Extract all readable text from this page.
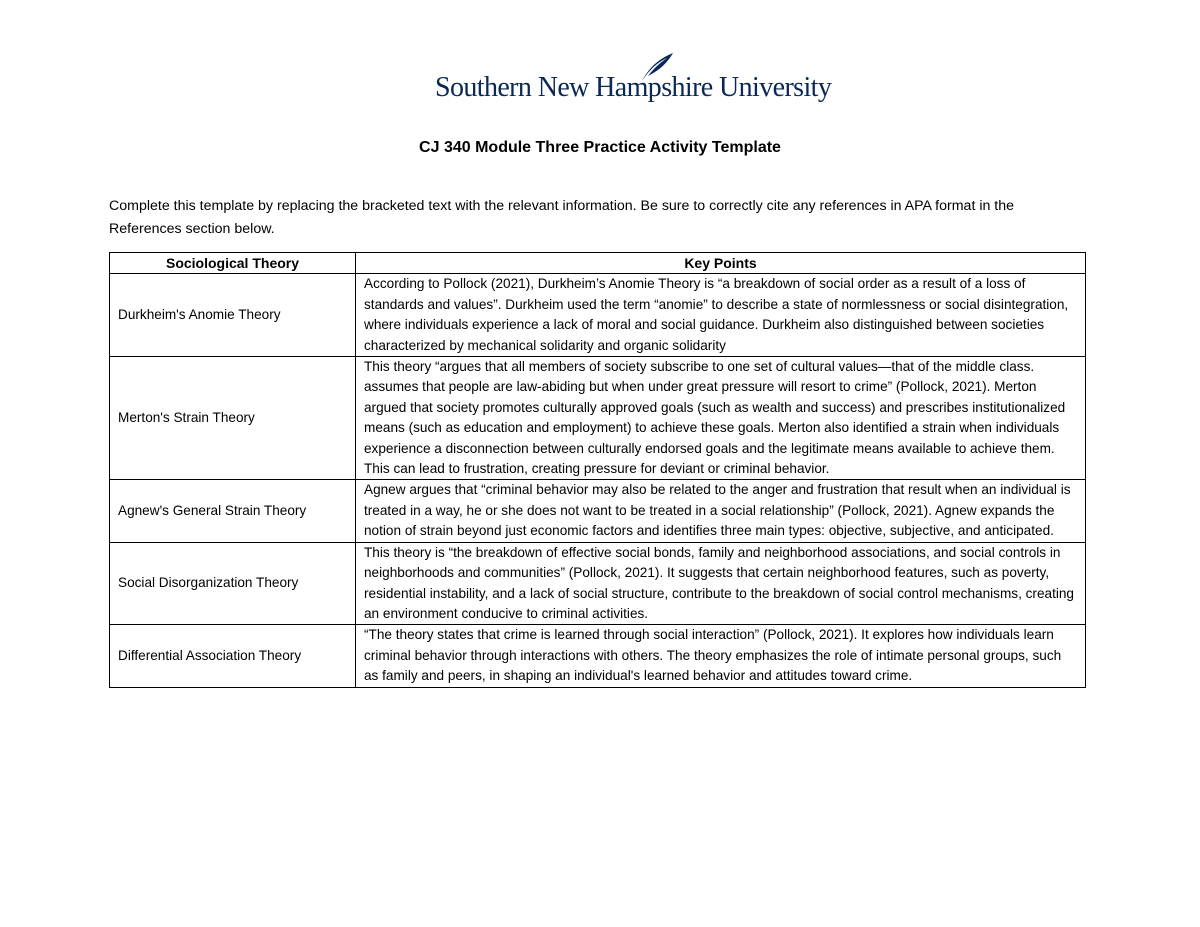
Southern New Hampshire University
CJ 340 Module Three Practice Activity Template
Complete this template by replacing the bracketed text with the relevant information. Be sure to correctly cite any references in APA format in the References section below.
Sociological Theory	Key Points
Durkheim's Anomie Theory	According to Pollock (2021), Durkheim’s Anomie Theory is “a breakdown of social order as a result of a loss of standards and values”. Durkheim used the term “anomie” to describe a state of normlessness or social disintegration, where individuals experience a lack of moral and social guidance. Durkheim also distinguished between societies characterized by mechanical solidarity and organic solidarity
Merton's Strain Theory	This theory “argues that all members of society subscribe to one set of cultural values—that of the middle class. assumes that people are law-abiding but when under great pressure will resort to crime” (Pollock, 2021). Merton argued that society promotes culturally approved goals (such as wealth and success) and prescribes institutionalized means (such as education and employment) to achieve these goals. Merton also identified a strain when individuals experience a disconnection between culturally endorsed goals and the legitimate means available to achieve them. This can lead to frustration, creating pressure for deviant or criminal behavior.
Agnew's General Strain Theory	Agnew argues that “criminal behavior may also be related to the anger and frustration that result when an individual is treated in a way, he or she does not want to be treated in a social relationship” (Pollock, 2021). Agnew expands the notion of strain beyond just economic factors and identifies three main types: objective, subjective, and anticipated.
Social Disorganization Theory	This theory is “the breakdown of effective social bonds, family and neighborhood associations, and social controls in neighborhoods and communities” (Pollock, 2021). It suggests that certain neighborhood features, such as poverty, residential instability, and a lack of social structure, contribute to the breakdown of social control mechanisms, creating an environment conducive to criminal activities.
Differential Association Theory	“The theory states that crime is learned through social interaction” (Pollock, 2021). It explores how individuals learn criminal behavior through interactions with others. The theory emphasizes the role of intimate personal groups, such as family and peers, in shaping an individual's learned behavior and attitudes toward crime.
